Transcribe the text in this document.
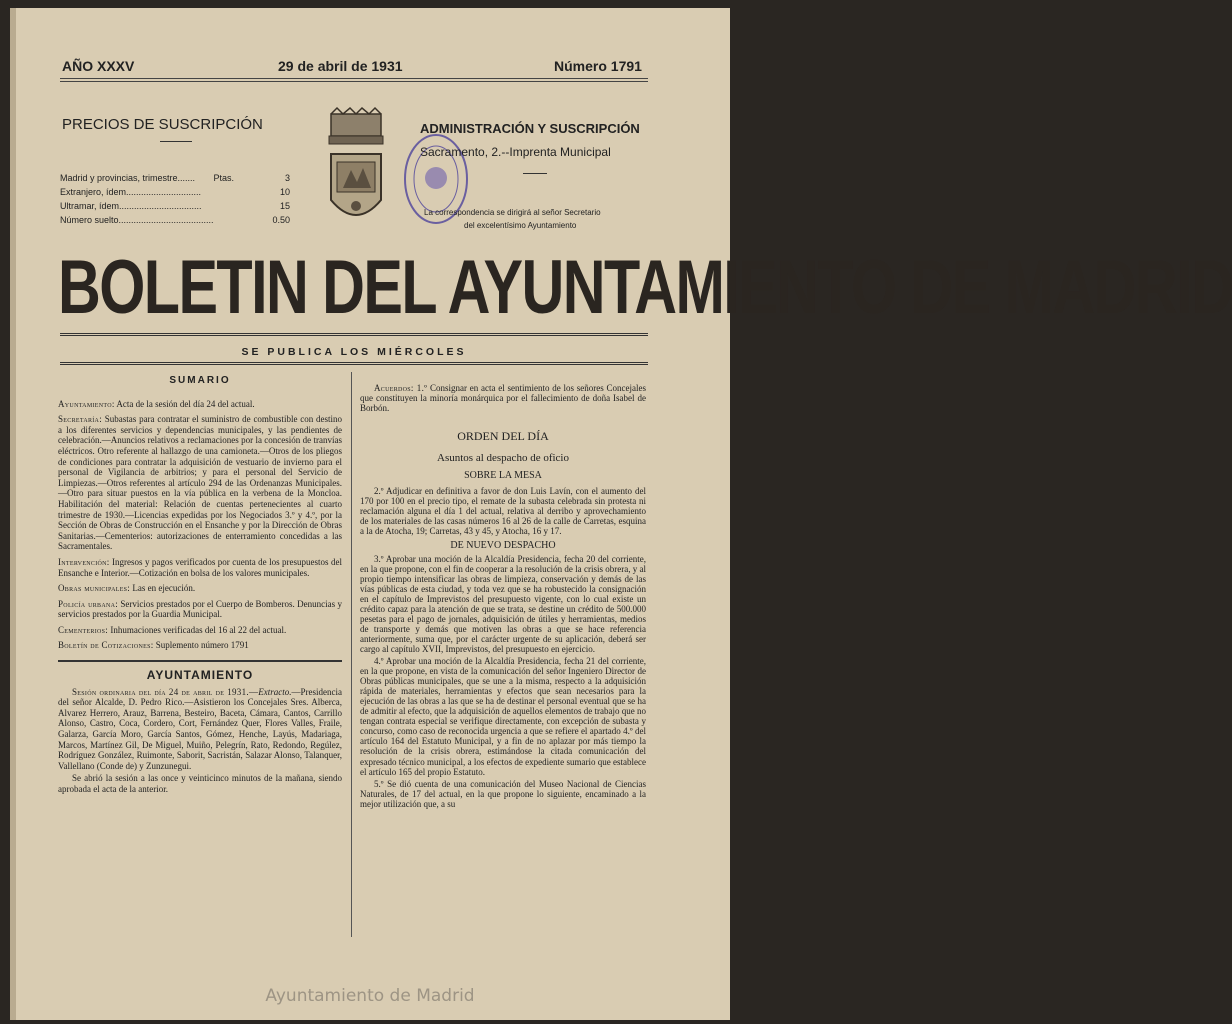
AÑO XXXV	29 de abril de 1931	Número 1791
PRECIOS DE SUSCRIPCIÓN
Madrid y provincias, trimestre....... Ptas.	3
Extranjero, ídem..............................	10
Ultramar, ídem.................................	15
Número suelto......................................	0.50
ADMINISTRACIÓN Y SUSCRIPCIÓN
Sacramento, 2.--Imprenta Municipal
La correspondencia se dirigirá al señor Secretario
del excelentísimo Ayuntamiento
BOLETIN DEL AYUNTAMIENTO DE MADRID
SE PUBLICA LOS MIÉRCOLES
SUMARIO

Ayuntamiento: Acta de la sesión del día 24 del actual.

Secretaría: Subastas para contratar el suministro de combustible con destino a los diferentes servicios y dependencias municipales, y las pendientes de celebración.—Anuncios relativos a reclamaciones por la concesión de tranvías eléctricos. Otro referente al hallazgo de una camioneta.—Otros de los pliegos de condiciones para contratar la adquisición de vestuario de invierno para el personal de Vigilancia de arbitrios; y para el personal del Servicio de Limpiezas.—Otros referentes al artículo 294 de las Ordenanzas Municipales.—Otro para situar puestos en la vía pública en la verbena de la Moncloa. Habilitación del material: Relación de cuentas pertenecientes al cuarto trimestre de 1930.—Licencias expedidas por los Negociados 3.º y 4.º, por la Sección de Obras de Construcción en el Ensanche y por la Dirección de Obras Sanitarias.—Cementerios: autorizaciones de enterramiento concedidas a las Sacramentales.

Intervención: Ingresos y pagos verificados por cuenta de los presupuestos del Ensanche e Interior.—Cotización en bolsa de los valores municipales.

Obras municipales: Las en ejecución.

Policía urbana: Servicios prestados por el Cuerpo de Bomberos. Denuncias y servicios prestados por la Guardia Municipal.

Cementerios: Inhumaciones verificadas del 16 al 22 del actual.

Boletín de Cotizaciones: Suplemento número 1791

AYUNTAMIENTO

Sesión ordinaria del día 24 de abril de 1931.—Extracto.—Presidencia del señor Alcalde, D. Pedro Rico.—Asistieron los Concejales Sres. Alberca, Alvarez Herrero, Arauz, Barrena, Besteiro, Baceta, Cámara, Cantos, Carrillo Alonso, Castro, Coca, Cordero, Cort, Fernández Quer, Flores Valles, Fraile, Galarza, García Moro, García Santos, Gómez, Henche, Layús, Madariaga, Marcos, Martínez Gil, De Miguel, Muiño, Pelegrín, Rato, Redondo, Regúlez, Rodríguez González, Ruimonte, Saborit, Sacristán, Salazar Alonso, Talanquer, Vallellano (Conde de) y Zunzunegui.

Se abrió la sesión a las once y veinticinco minutos de la mañana, siendo aprobada el acta de la anterior.

Acuerdos: 1.º Consignar en acta el sentimiento de los señores Concejales que constituyen la minoría monárquica por el fallecimiento de doña Isabel de Borbón.

ORDEN DEL DÍA
Asuntos al despacho de oficio
SOBRE LA MESA

2.º Adjudicar en definitiva a favor de don Luis Lavín, con el aumento del 170 por 100 en el precio tipo, el remate de la subasta celebrada sin protesta ni reclamación alguna el día 1 del actual, relativa al derribo y aprovechamiento de los materiales de las casas números 16 al 26 de la calle de Carretas, esquina a la de Atocha, 19; Carretas, 43 y 45, y Atocha, 16 y 17.

DE NUEVO DESPACHO

3.º Aprobar una moción de la Alcaldía Presidencia, fecha 20 del corriente, en la que propone, con el fin de cooperar a la resolución de la crisis obrera, y al propio tiempo intensificar las obras de limpieza, conservación y demás de las vías públicas de esta ciudad, y toda vez que se ha robustecido la consignación en el capítulo de Imprevistos del presupuesto vigente, con lo cual existe un crédito capaz para la atención de que se trata, se destine un crédito de 500.000 pesetas para el pago de jornales, adquisición de útiles y herramientas, medios de transporte y demás que motiven las obras a que se hace referencia anteriormente, suma que, por el carácter urgente de su aplicación, deberá ser cargo al capítulo XVII, Imprevistos, del presupuesto en ejercicio.

4.º Aprobar una moción de la Alcaldía Presidencia, fecha 21 del corriente, en la que propone, en vista de la comunicación del señor Ingeniero Director de Obras públicas municipales, que se une a la misma, respecto a la adquisición rápida de materiales, herramientas y efectos que sean necesarios para la ejecución de las obras a las que se ha de destinar el personal eventual que se ha de admitir al efecto, que la adquisición de aquellos elementos de trabajo que no tengan contrata especial se verifique directamente, con excepción de subasta y concurso, como caso de reconocida urgencia a que se refiere el apartado 4.º del artículo 164 del Estatuto Municipal, y a fin de no aplazar por más tiempo la resolución de la crisis obrera, estimándose la citada comunicación del expresado técnico municipal, a los efectos de expediente sumario que establece el artículo 165 del propio Estatuto.

5.º Se dió cuenta de una comunicación del Museo Nacional de Ciencias Naturales, de 17 del actual, en la que propone lo siguiente, encaminado a la mejor utilización que, a su

Ayuntamiento de Madrid
